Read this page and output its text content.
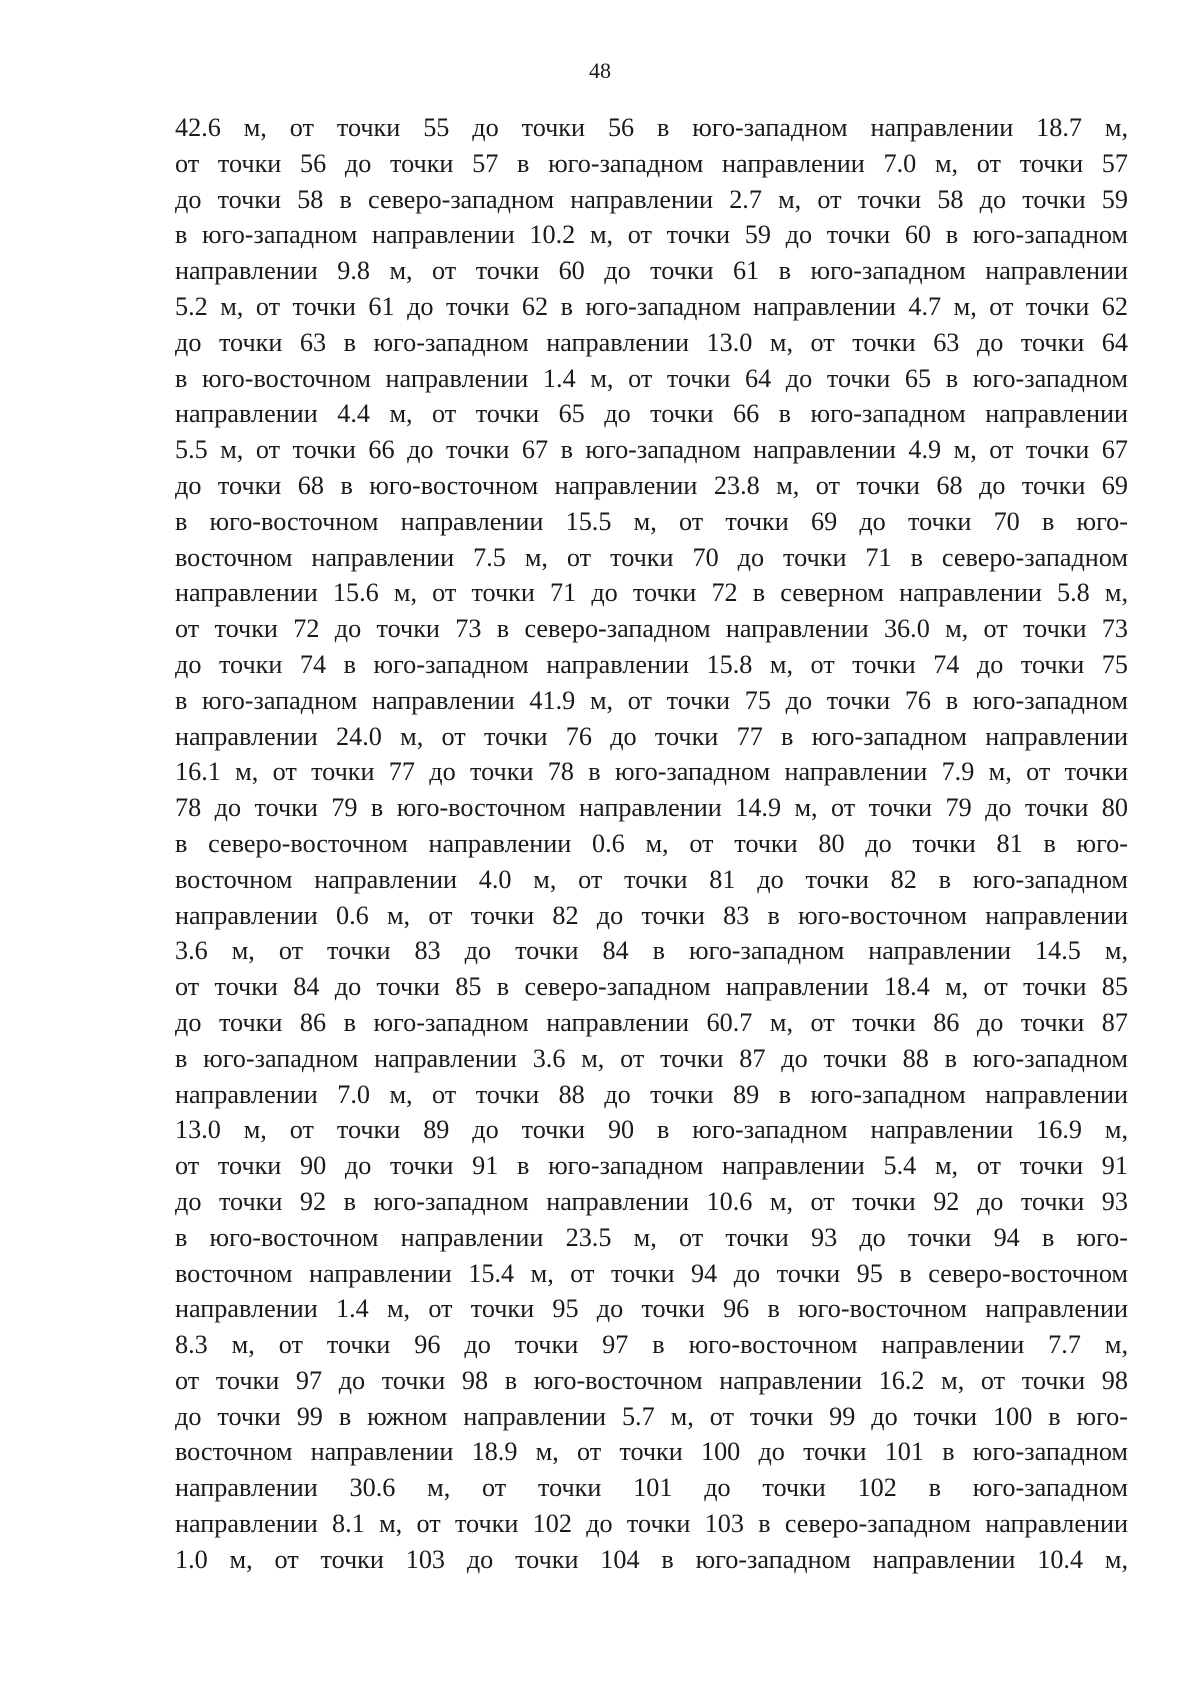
48
42.6 м, от точки 55 до точки 56 в юго-западном направлении 18.7 м,
от точки 56 до точки 57 в юго-западном направлении 7.0 м, от точки 57
до точки 58 в северо-западном направлении 2.7 м, от точки 58 до точки 59
в юго-западном направлении 10.2 м, от точки 59 до точки 60 в юго-западном
направлении 9.8 м, от точки 60 до точки 61 в юго-западном направлении
5.2 м, от точки 61 до точки 62 в юго-западном направлении 4.7 м, от точки 62
до точки 63 в юго-западном направлении 13.0 м, от точки 63 до точки 64
в юго-восточном направлении 1.4 м, от точки 64 до точки 65 в юго-западном
направлении 4.4 м, от точки 65 до точки 66 в юго-западном направлении
5.5 м, от точки 66 до точки 67 в юго-западном направлении 4.9 м, от точки 67
до точки 68 в юго-восточном направлении 23.8 м, от точки 68 до точки 69
в юго-восточном направлении 15.5 м, от точки 69 до точки 70 в юго-
восточном направлении 7.5 м, от точки 70 до точки 71 в северо-западном
направлении 15.6 м, от точки 71 до точки 72 в северном направлении 5.8 м,
от точки 72 до точки 73 в северо-западном направлении 36.0 м, от точки 73
до точки 74 в юго-западном направлении 15.8 м, от точки 74 до точки 75
в юго-западном направлении 41.9 м, от точки 75 до точки 76 в юго-западном
направлении 24.0 м, от точки 76 до точки 77 в юго-западном направлении
16.1 м, от точки 77 до точки 78 в юго-западном направлении 7.9 м, от точки
78 до точки 79 в юго-восточном направлении 14.9 м, от точки 79 до точки 80
в северо-восточном направлении 0.6 м, от точки 80 до точки 81 в юго-
восточном направлении 4.0 м, от точки 81 до точки 82 в юго-западном
направлении 0.6 м, от точки 82 до точки 83 в юго-восточном направлении
3.6 м, от точки 83 до точки 84 в юго-западном направлении 14.5 м,
от точки 84 до точки 85 в северо-западном направлении 18.4 м, от точки 85
до точки 86 в юго-западном направлении 60.7 м, от точки 86 до точки 87
в юго-западном направлении 3.6 м, от точки 87 до точки 88 в юго-западном
направлении 7.0 м, от точки 88 до точки 89 в юго-западном направлении
13.0 м, от точки 89 до точки 90 в юго-западном направлении 16.9 м,
от точки 90 до точки 91 в юго-западном направлении 5.4 м, от точки 91
до точки 92 в юго-западном направлении 10.6 м, от точки 92 до точки 93
в юго-восточном направлении 23.5 м, от точки 93 до точки 94 в юго-
восточном направлении 15.4 м, от точки 94 до точки 95 в северо-восточном
направлении 1.4 м, от точки 95 до точки 96 в юго-восточном направлении
8.3 м, от точки 96 до точки 97 в юго-восточном направлении 7.7 м,
от точки 97 до точки 98 в юго-восточном направлении 16.2 м, от точки 98
до точки 99 в южном направлении 5.7 м, от точки 99 до точки 100 в юго-
восточном направлении 18.9 м, от точки 100 до точки 101 в юго-западном
направлении 30.6 м, от точки 101 до точки 102 в юго-западном
направлении 8.1 м, от точки 102 до точки 103 в северо-западном направлении
1.0 м, от точки 103 до точки 104 в юго-западном направлении 10.4 м,
